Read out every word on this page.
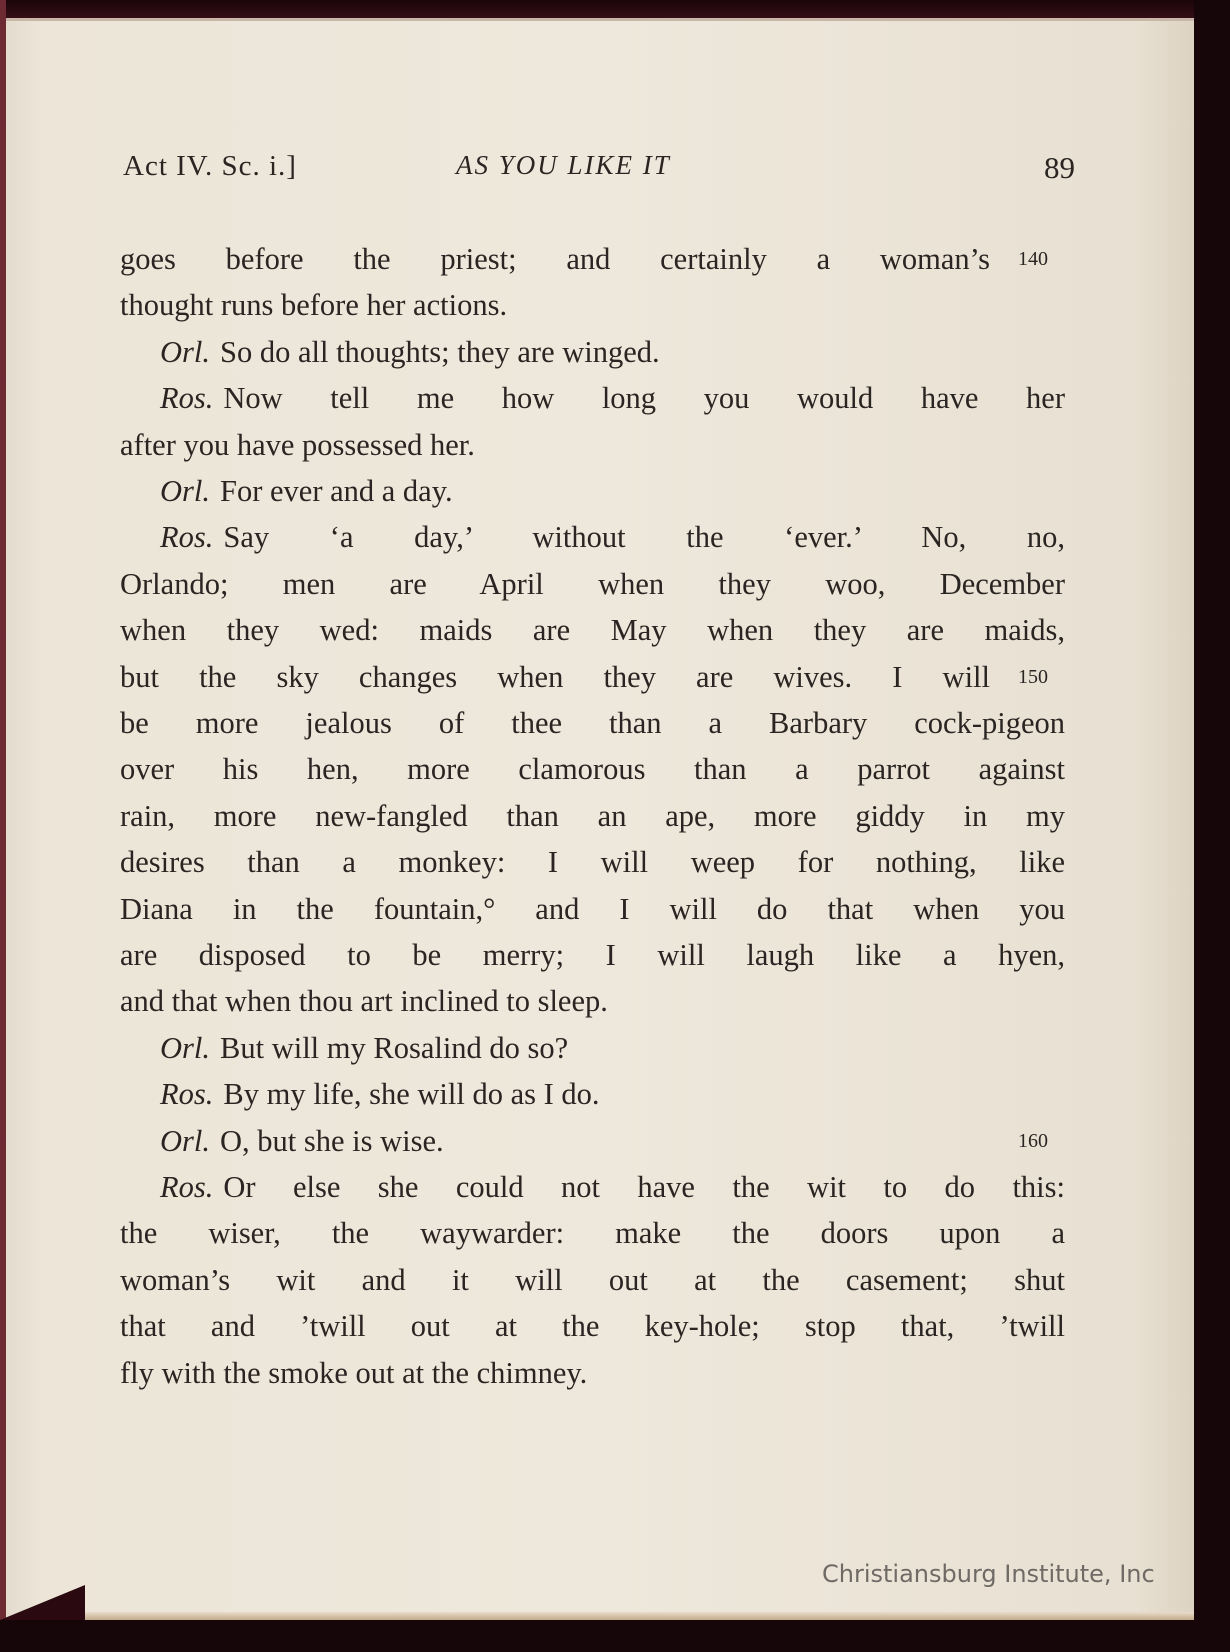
Act IV. Sc. i.]	AS YOU LIKE IT	89
goes before the priest; and certainly a woman’s 140
thought runs before her actions.
Orl. So do all thoughts; they are winged.
Ros. Now tell me how long you would have her
after you have possessed her.
Orl. For ever and a day.
Ros. Say ‘a day,’ without the ‘ever.’ No, no,
Orlando; men are April when they woo, December
when they wed: maids are May when they are maids,
but the sky changes when they are wives. I will 150
be more jealous of thee than a Barbary cock-pigeon
over his hen, more clamorous than a parrot against
rain, more new-fangled than an ape, more giddy in my
desires than a monkey: I will weep for nothing, like
Diana in the fountain,° and I will do that when you
are disposed to be merry; I will laugh like a hyen,
and that when thou art inclined to sleep.
Orl. But will my Rosalind do so?
Ros. By my life, she will do as I do.
Orl. O, but she is wise.	160
Ros. Or else she could not have the wit to do this:
the wiser, the waywarder: make the doors upon a
woman’s wit and it will out at the casement; shut
that and ’twill out at the key-hole; stop that, ’twill
fly with the smoke out at the chimney.
Christiansburg Institute, Inc
